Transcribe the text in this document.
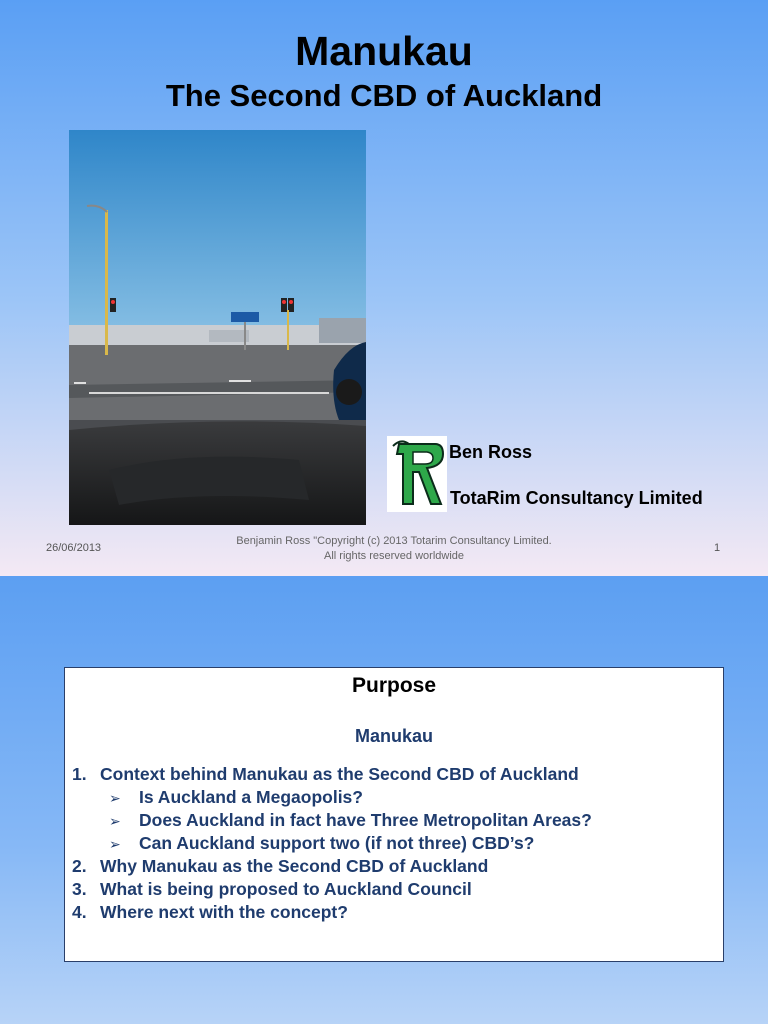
Manukau
The Second CBD of Auckland
Ben Ross
TotaRim Consultancy Limited
26/06/2013
Benjamin Ross "Copyright (c) 2013 Totarim Consultancy Limited.
All rights reserved worldwide
1
Purpose
Manukau
1. Context behind Manukau as the Second CBD of Auckland
➢ Is Auckland a Megaopolis?
➢ Does Auckland in fact have Three Metropolitan Areas?
➢ Can Auckland support two (if not three) CBD’s?
2. Why Manukau as the Second CBD of Auckland
3. What is being proposed to Auckland Council
4. Where next with the concept?
